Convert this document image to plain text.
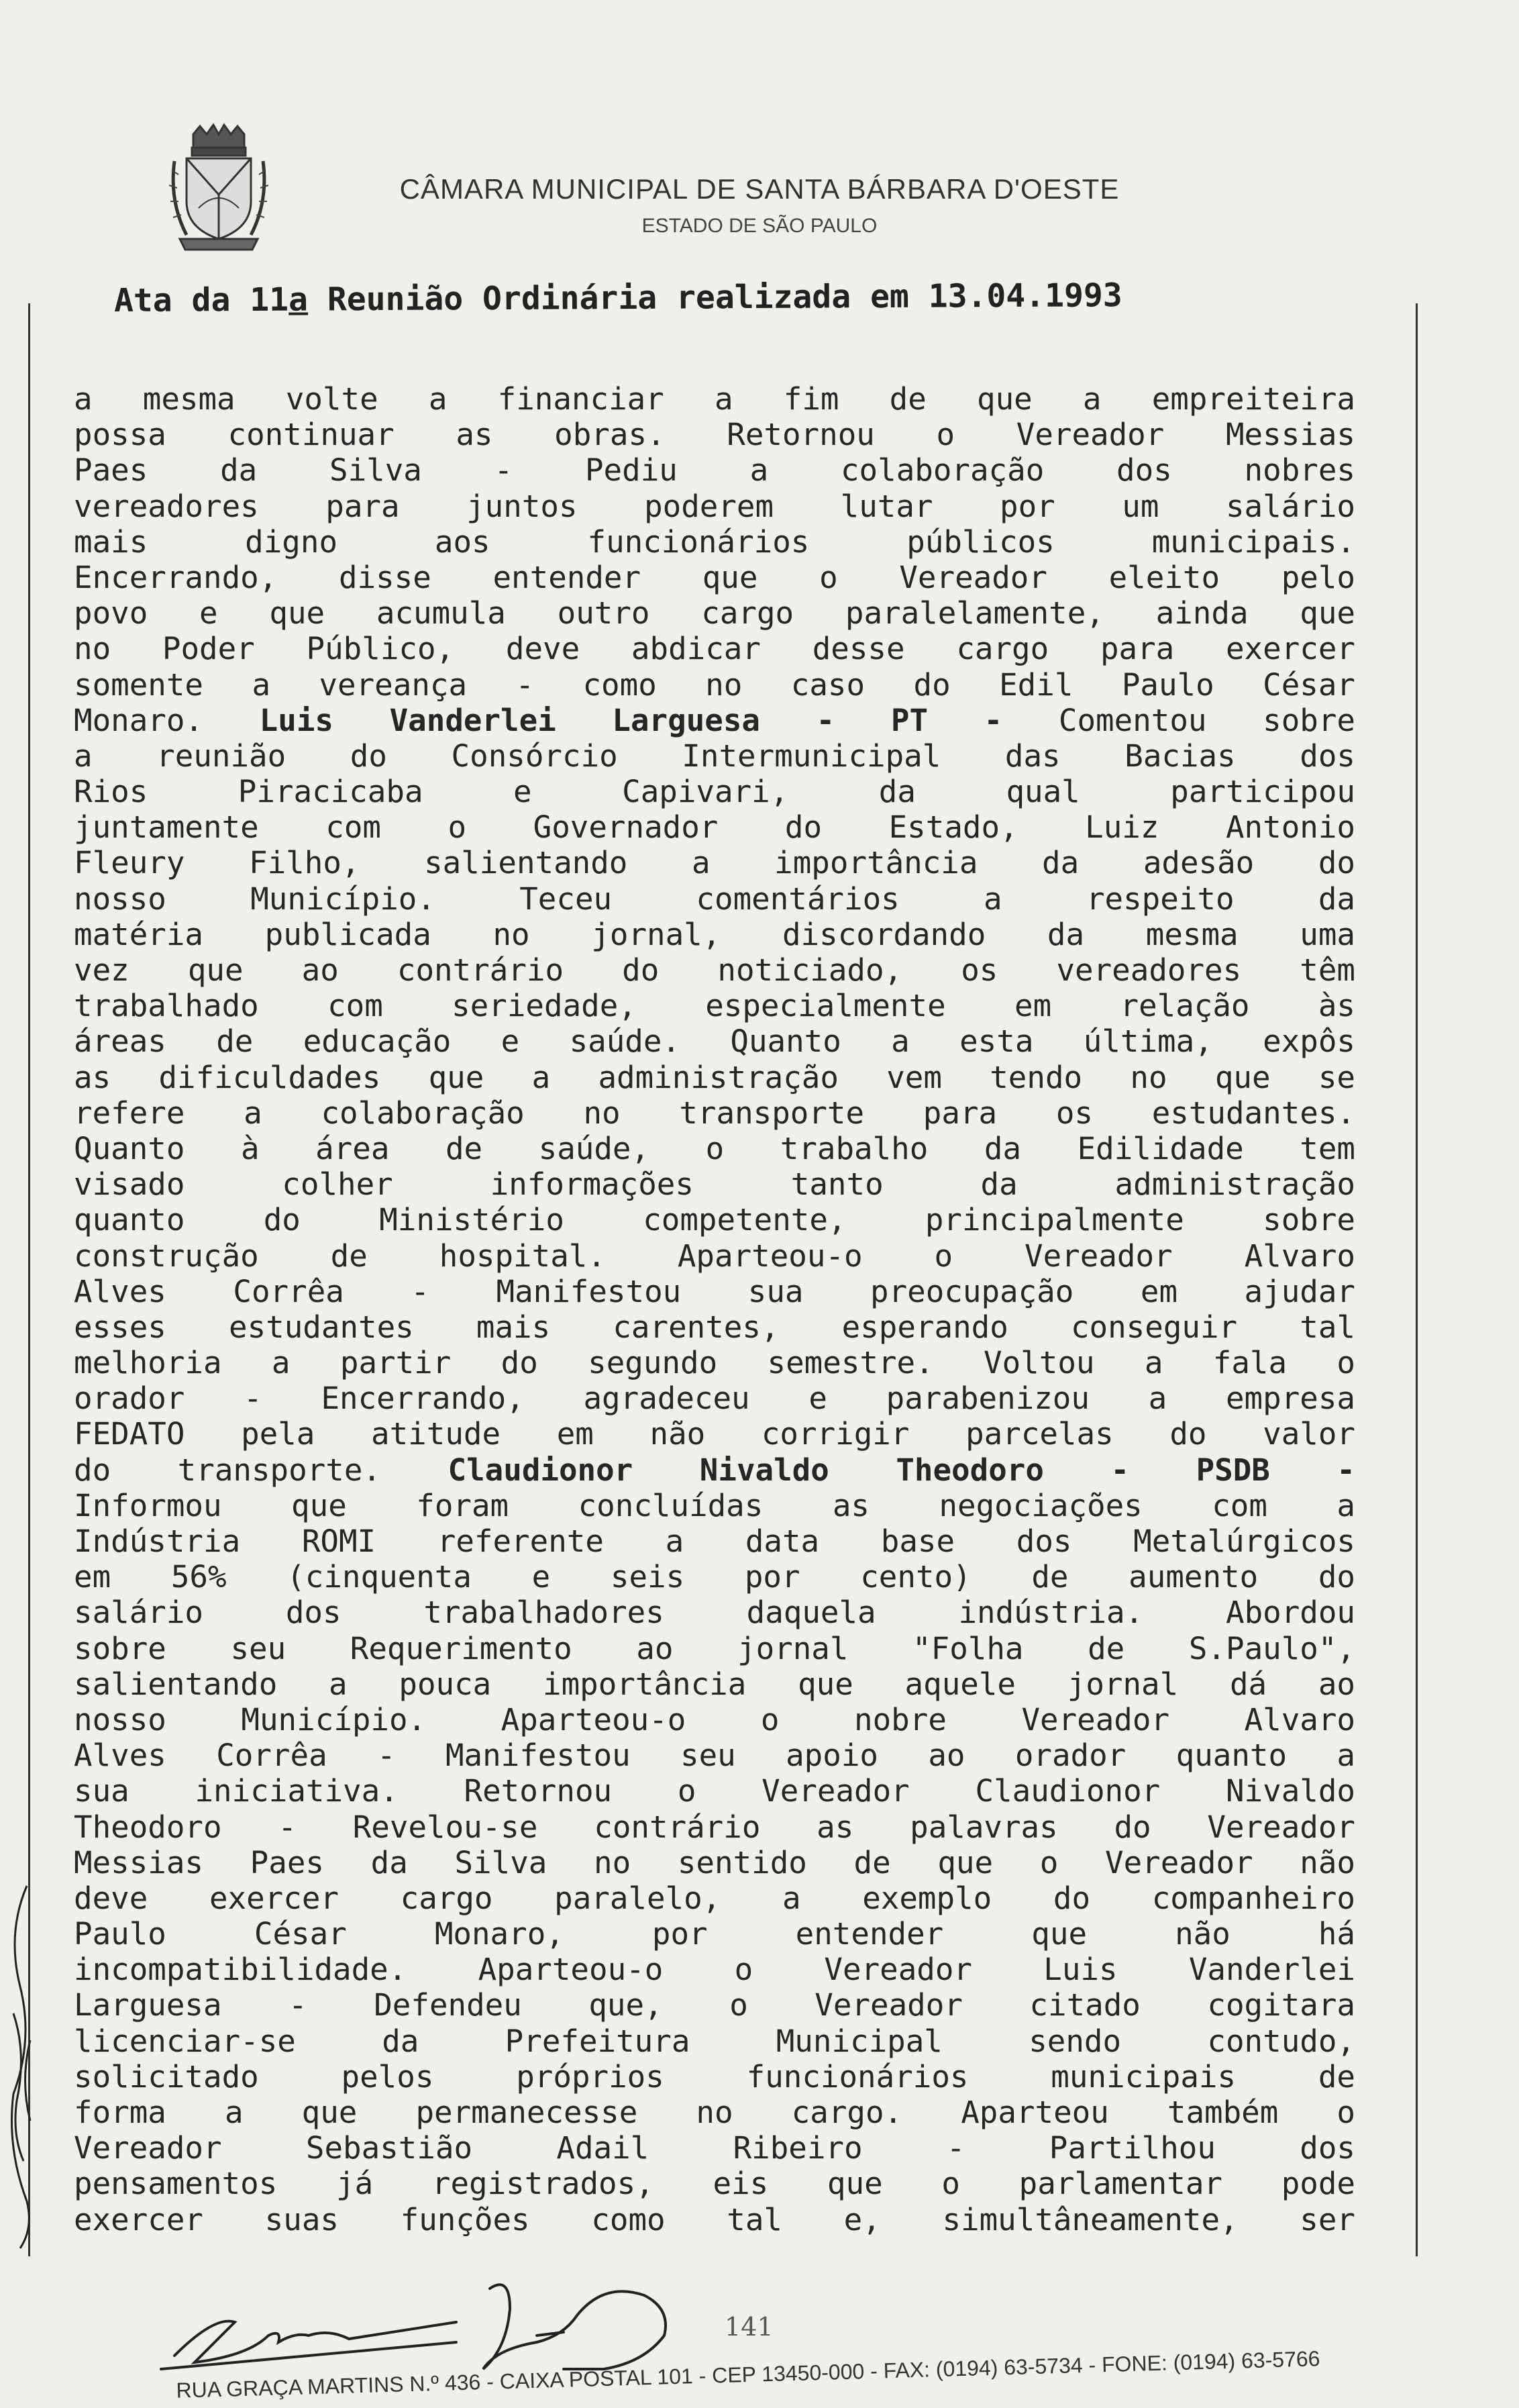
CÂMARA MUNICIPAL DE SANTA BÁRBARA D'OESTE
ESTADO DE SÃO PAULO
Ata da 11a Reunião Ordinária realizada em 13.04.1993
a mesma volte a financiar a fim de que a empreiteira
possa continuar as obras. Retornou o Vereador Messias
Paes da Silva - Pediu a colaboração dos nobres
vereadores para juntos poderem lutar por um salário
mais digno aos funcionários públicos municipais.
Encerrando, disse entender que o Vereador eleito pelo
povo e que acumula outro cargo paralelamente, ainda que
no Poder Público, deve abdicar desse cargo para exercer
somente a vereança - como no caso do Edil Paulo César
Monaro. Luis Vanderlei Larguesa - PT - Comentou sobre
a reunião do Consórcio Intermunicipal das Bacias dos
Rios Piracicaba e Capivari, da qual participou
juntamente com o Governador do Estado, Luiz Antonio
Fleury Filho, salientando a importância da adesão do
nosso Município. Teceu comentários a respeito da
matéria publicada no jornal, discordando da mesma uma
vez que ao contrário do noticiado, os vereadores têm
trabalhado com seriedade, especialmente em relação às
áreas de educação e saúde. Quanto a esta última, expôs
as dificuldades que a administração vem tendo no que se
refere a colaboração no transporte para os estudantes.
Quanto à área de saúde, o trabalho da Edilidade tem
visado colher informações tanto da administração
quanto do Ministério competente, principalmente sobre
construção de hospital. Aparteou-o o Vereador Alvaro
Alves Corrêa - Manifestou sua preocupação em ajudar
esses estudantes mais carentes, esperando conseguir tal
melhoria a partir do segundo semestre. Voltou a fala o
orador - Encerrando, agradeceu e parabenizou a empresa
FEDATO pela atitude em não corrigir parcelas do valor
do transporte. Claudionor Nivaldo Theodoro - PSDB -
Informou que foram concluídas as negociações com a
Indústria ROMI referente a data base dos Metalúrgicos
em 56% (cinquenta e seis por cento) de aumento do
salário dos trabalhadores daquela indústria. Abordou
sobre seu Requerimento ao jornal "Folha de S.Paulo",
salientando a pouca importância que aquele jornal dá ao
nosso Município. Aparteou-o o nobre Vereador Alvaro
Alves Corrêa - Manifestou seu apoio ao orador quanto a
sua iniciativa. Retornou o Vereador Claudionor Nivaldo
Theodoro - Revelou-se contrário as palavras do Vereador
Messias Paes da Silva no sentido de que o Vereador não
deve exercer cargo paralelo, a exemplo do companheiro
Paulo César Monaro, por entender que não há
incompatibilidade. Aparteou-o o Vereador Luis Vanderlei
Larguesa - Defendeu que, o Vereador citado cogitara
licenciar-se da Prefeitura Municipal sendo contudo,
solicitado pelos próprios funcionários municipais de
forma a que permanecesse no cargo. Aparteou também o
Vereador Sebastião Adail Ribeiro - Partilhou dos
pensamentos já registrados, eis que o parlamentar pode
exercer suas funções como tal e, simultâneamente, ser
141
RUA GRAÇA MARTINS N.º 436 - CAIXA POSTAL 101 - CEP 13450-000 - FAX: (0194) 63-5734 - FONE: (0194) 63-5766
